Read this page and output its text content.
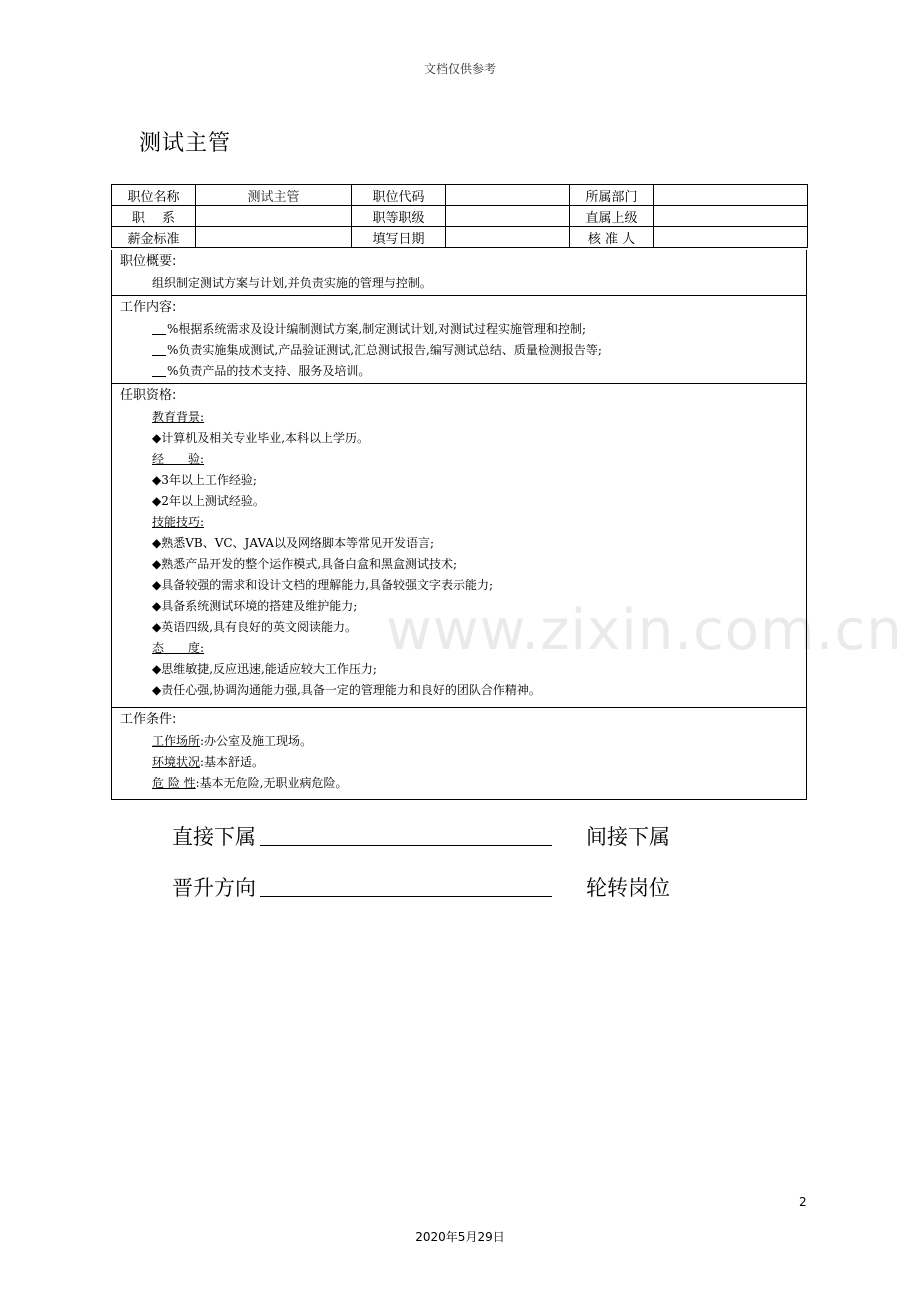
文档仅供参考
测试主管
职位名称	测试主管	职位代码		所属部门	
职　 系		职等职级		直属上级	
薪金标准		填写日期		核 准 人	
职位概要:
组织制定测试方案与计划,并负责实施的管理与控制。
工作内容:
%根据系统需求及设计编制测试方案,制定测试计划,对测试过程实施管理和控制;
%负责实施集成测试,产品验证测试,汇总测试报告,编写测试总结、质量检测报告等;
%负责产品的技术支持、服务及培训。
任职资格:
教育背景:
◆计算机及相关专业毕业,本科以上学历。
经　　验:
◆3年以上工作经验;
◆2年以上测试经验。
技能技巧:
◆熟悉VB、VC、JAVA以及网络脚本等常见开发语言;
◆熟悉产品开发的整个运作模式,具备白盒和黑盒测试技术;
◆具备较强的需求和设计文档的理解能力,具备较强文字表示能力;
◆具备系统测试环境的搭建及维护能力;
◆英语四级,具有良好的英文阅读能力。
态　　度:
◆思维敏捷,反应迅速,能适应较大工作压力;
◆责任心强,协调沟通能力强,具备一定的管理能力和良好的团队合作精神。
工作条件:
工作场所:办公室及施工现场。
环境状况:基本舒适。
危 险 性:基本无危险,无职业病危险。
www.zixin.com.cn
直接下属	间接下属
晋升方向	轮转岗位
2
2020年5月29日
